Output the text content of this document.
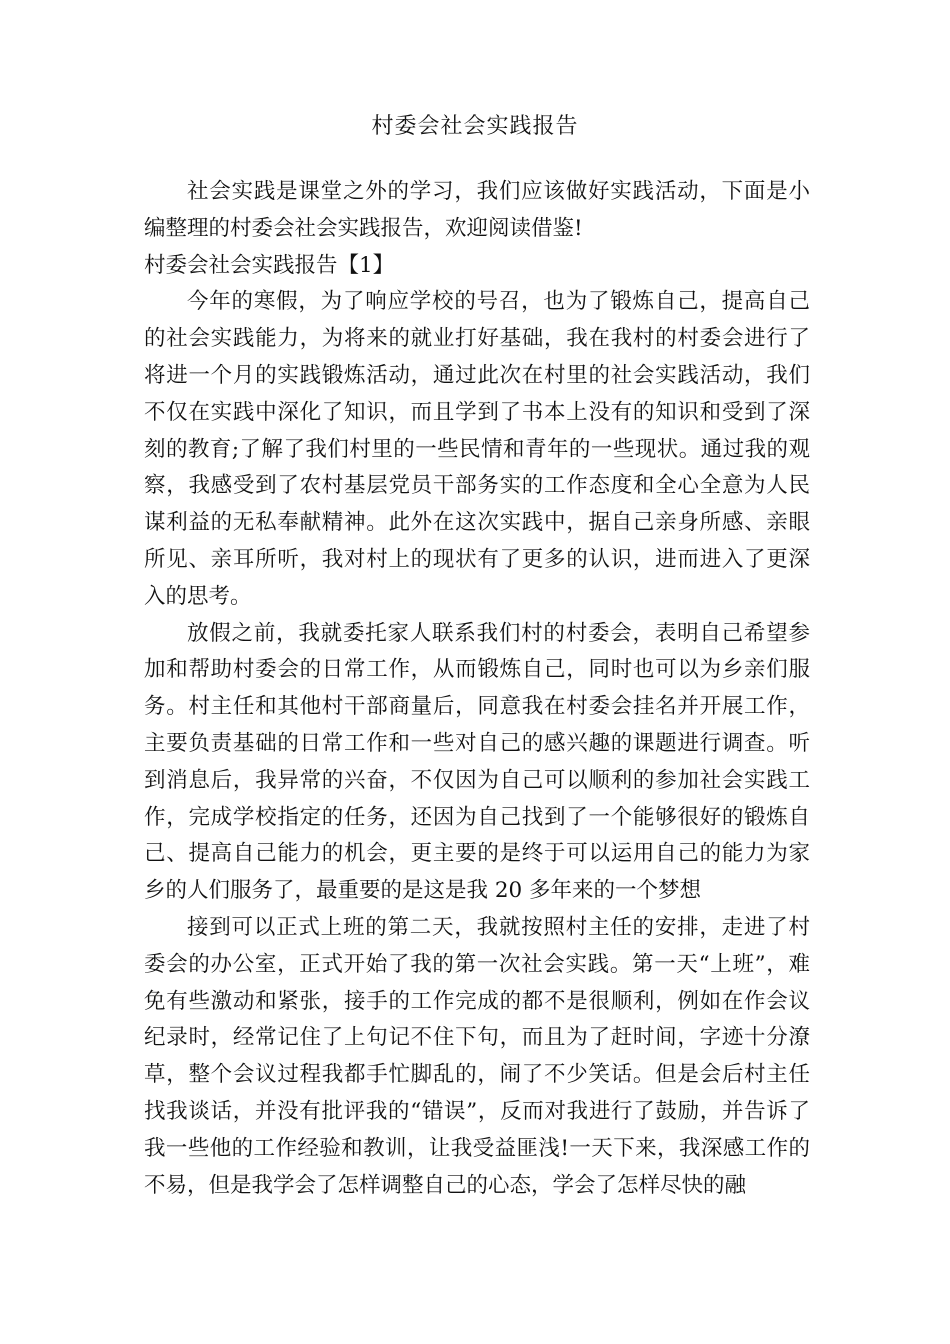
村委会社会实践报告

社会实践是课堂之外的学习，我们应该做好实践活动，下面是小编整理的村委会社会实践报告，欢迎阅读借鉴!

村委会社会实践报告【1】

今年的寒假，为了响应学校的号召，也为了锻炼自己，提高自己的社会实践能力，为将来的就业打好基础，我在我村的村委会进行了将进一个月的实践锻炼活动，通过此次在村里的社会实践活动，我们不仅在实践中深化了知识，而且学到了书本上没有的知识和受到了深刻的教育;了解了我们村里的一些民情和青年的一些现状。通过我的观察，我感受到了农村基层党员干部务实的工作态度和全心全意为人民谋利益的无私奉献精神。此外在这次实践中，据自己亲身所感、亲眼所见、亲耳所听，我对村上的现状有了更多的认识，进而进入了更深入的思考。

放假之前，我就委托家人联系我们村的村委会，表明自己希望参加和帮助村委会的日常工作，从而锻炼自己，同时也可以为乡亲们服务。村主任和其他村干部商量后，同意我在村委会挂名并开展工作，主要负责基础的日常工作和一些对自己的感兴趣的课题进行调查。听到消息后，我异常的兴奋，不仅因为自己可以顺利的参加社会实践工作，完成学校指定的任务，还因为自己找到了一个能够很好的锻炼自己、提高自己能力的机会，更主要的是终于可以运用自己的能力为家乡的人们服务了，最重要的是这是我 20 多年来的一个梦想

接到可以正式上班的第二天，我就按照村主任的安排，走进了村委会的办公室，正式开始了我的第一次社会实践。第一天“上班”，难免有些激动和紧张，接手的工作完成的都不是很顺利，例如在作会议纪录时，经常记住了上句记不住下句，而且为了赶时间，字迹十分潦草，整个会议过程我都手忙脚乱的，闹了不少笑话。但是会后村主任找我谈话，并没有批评我的“错误”，反而对我进行了鼓励，并告诉了我一些他的工作经验和教训，让我受益匪浅!一天下来，我深感工作的不易，但是我学会了怎样调整自己的心态，学会了怎样尽快的融
